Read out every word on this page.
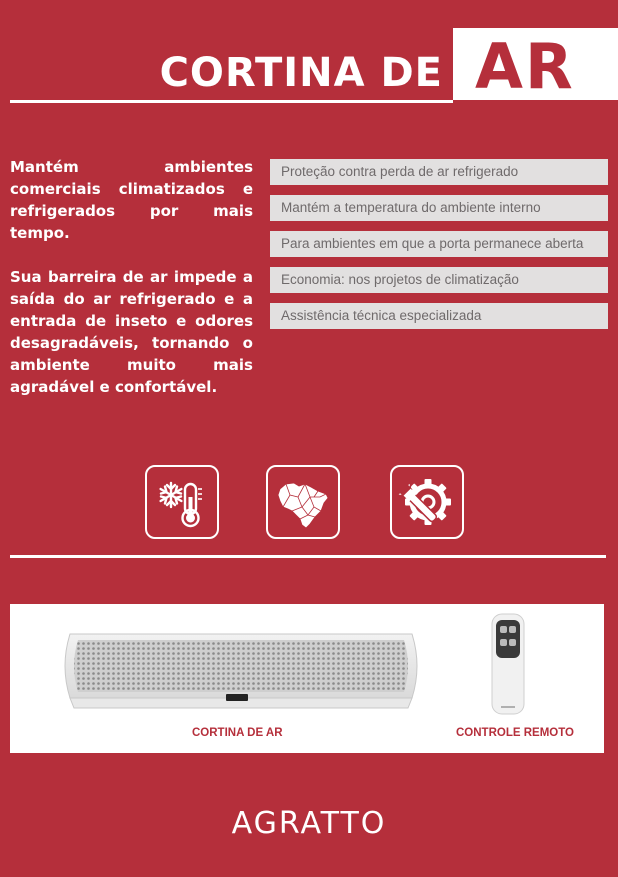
CORTINA DE AR

Mantém ambientes comerciais climatizados e refrigerados por mais tempo.

Sua barreira de ar impede a saída do ar refrigerado e a entrada de inseto e odores desagradáveis, tornando o ambiente muito mais agradável e confortável.

Proteção contra perda de ar refrigerado
Mantém a temperatura do ambiente interno
Para ambientes em que a porta permanece aberta
Economia: nos projetos de climatização
Assistência técnica especializada
CORTINA DE AR	CONTROLE REMOTO
AGRATTO
